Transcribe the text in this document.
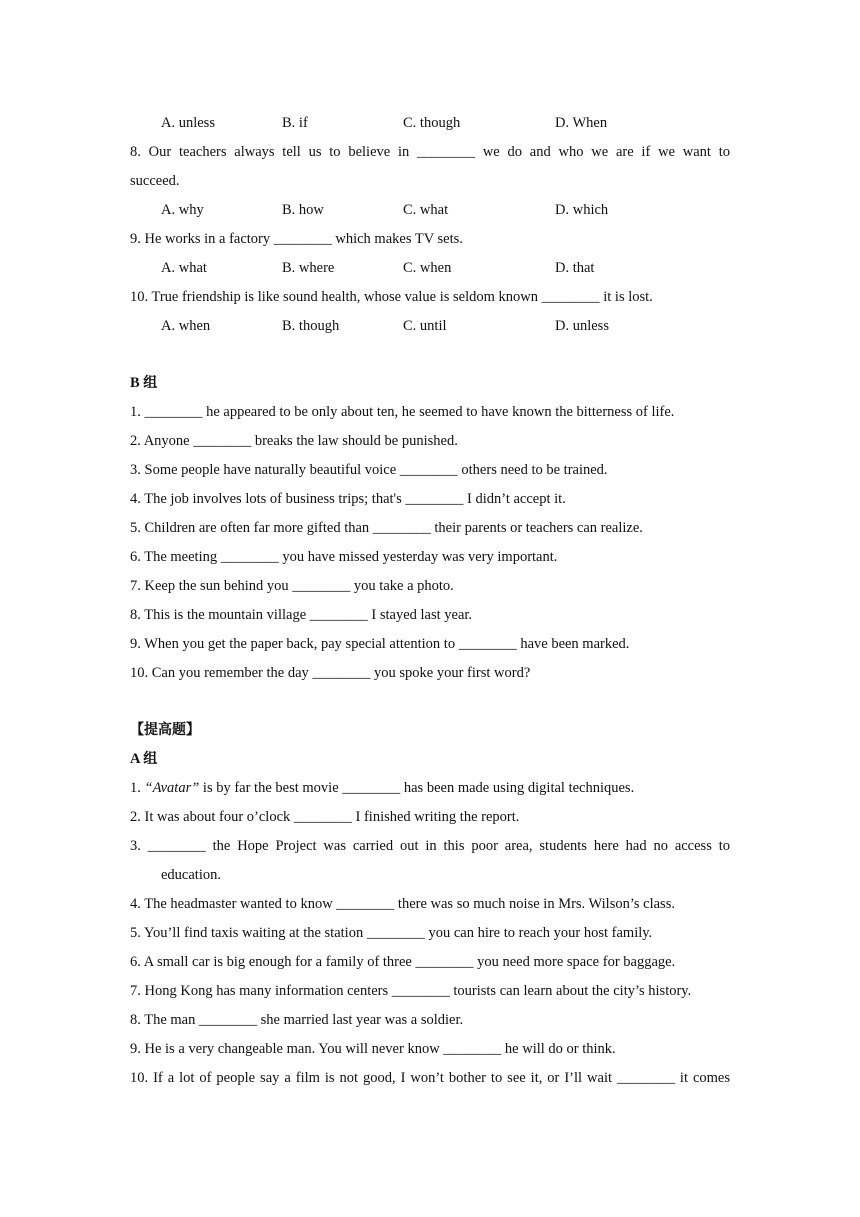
A. unless	B. if	C. though	D. When
8. Our teachers always tell us to believe in ________ we do and who we are if we want to
succeed.
A. why	B. how	C. what	D. which
9. He works in a factory ________ which makes TV sets.
A. what	B. where	C. when	D. that
10. True friendship is like sound health, whose value is seldom known ________ it is lost.
A. when	B. though	C. until	D. unless
B 组
1. ________ he appeared to be only about ten, he seemed to have known the bitterness of life.
2. Anyone ________ breaks the law should be punished.
3. Some people have naturally beautiful voice ________ others need to be trained.
4. The job involves lots of business trips; that's ________ I didn’t accept it.
5. Children are often far more gifted than ________ their parents or teachers can realize.
6. The meeting ________ you have missed yesterday was very important.
7. Keep the sun behind you ________ you take a photo.
8. This is the mountain village ________ I stayed last year.
9. When you get the paper back, pay special attention to ________ have been marked.
10. Can you remember the day ________ you spoke your first word?
【提高题】
A 组
1. “Avatar” is by far the best movie ________ has been made using digital techniques.
2. It was about four o’clock ________ I finished writing the report.
3. ________ the Hope Project was carried out in this poor area, students here had no access to
education.
4. The headmaster wanted to know ________ there was so much noise in Mrs. Wilson’s class.
5. You’ll find taxis waiting at the station ________ you can hire to reach your host family.
6. A small car is big enough for a family of three ________ you need more space for baggage.
7. Hong Kong has many information centers ________ tourists can learn about the city’s history.
8. The man ________ she married last year was a soldier.
9. He is a very changeable man. You will never know ________ he will do or think.
10. If a lot of people say a film is not good, I won’t bother to see it, or I’ll wait ________ it comes
